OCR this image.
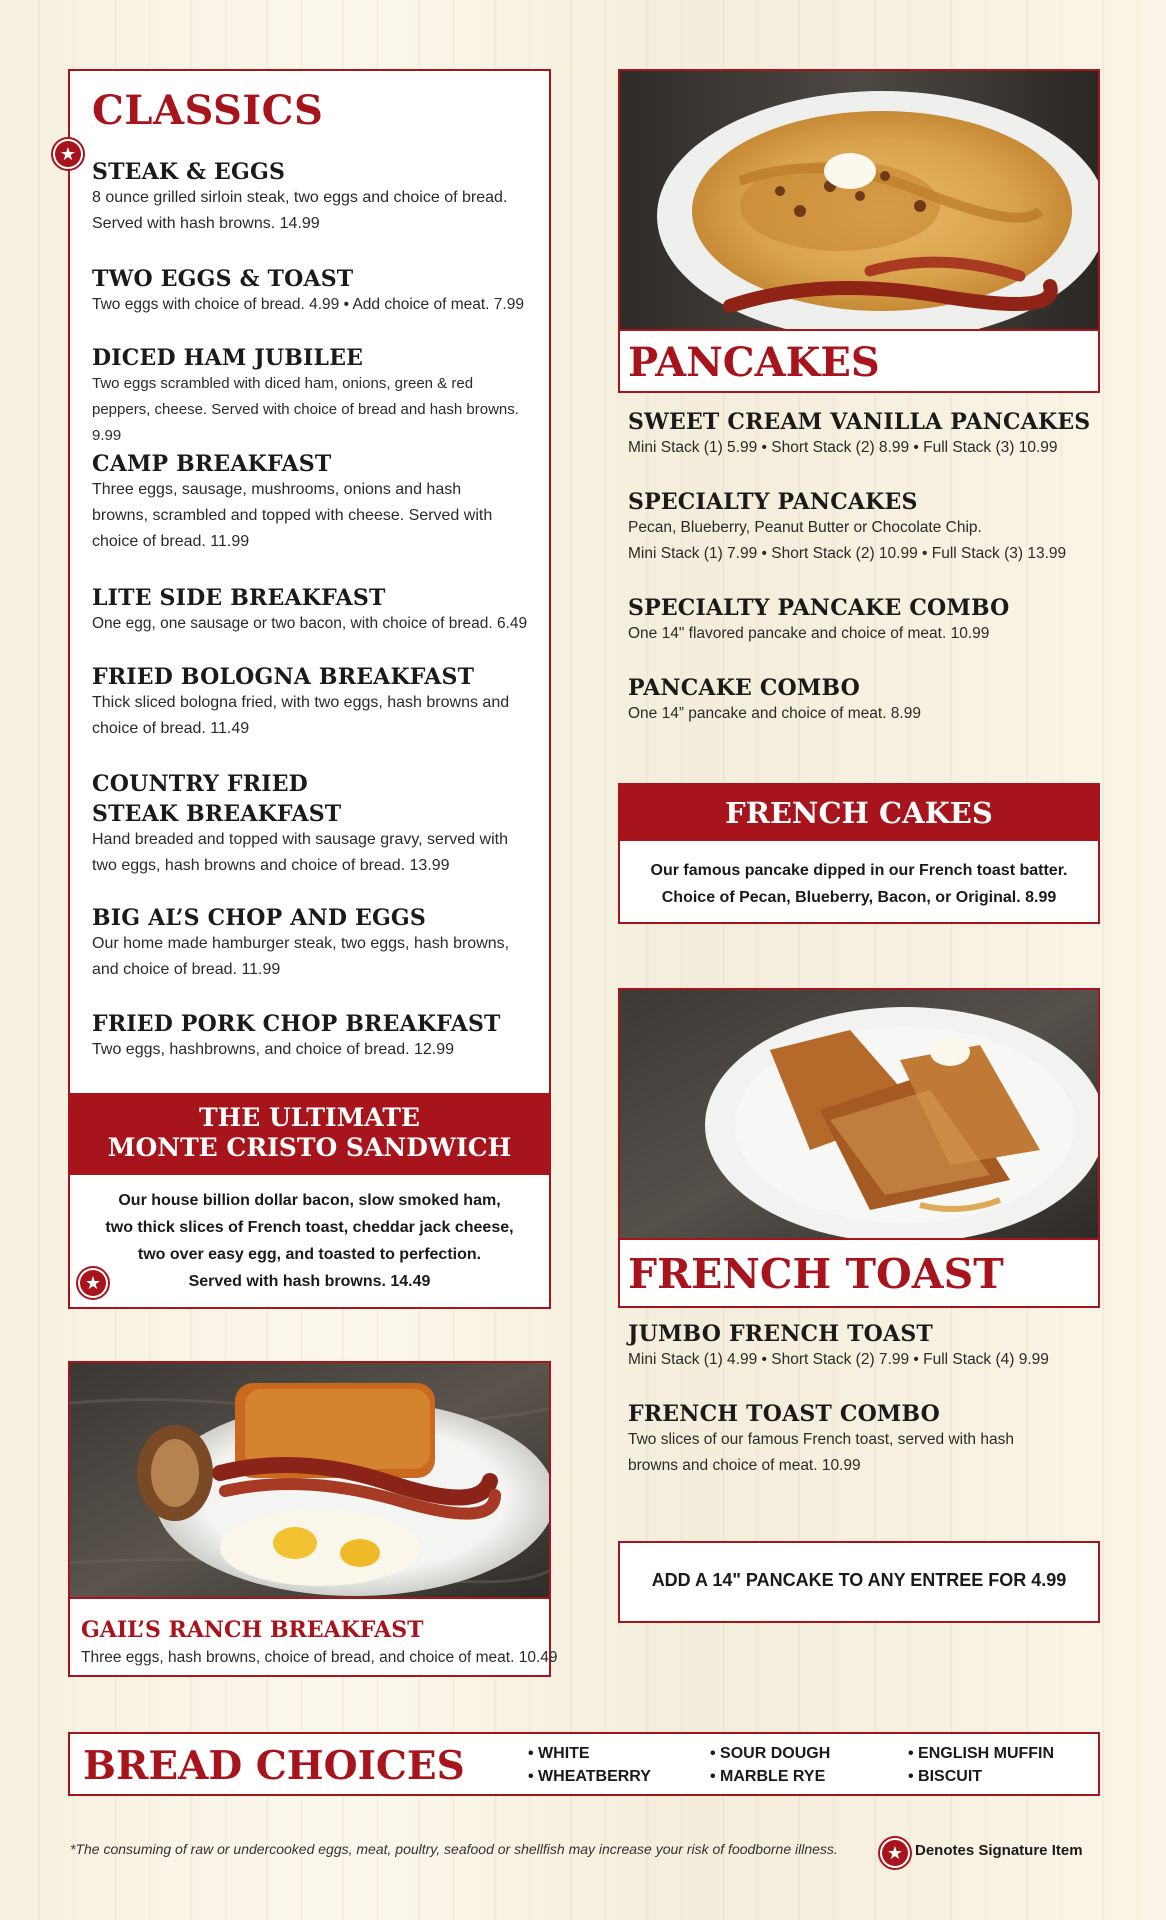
CLASSICS
STEAK & EGGS
8 ounce grilled sirloin steak, two eggs and choice of bread. Served with hash browns. 14.99
TWO EGGS & TOAST
Two eggs with choice of bread. 4.99 • Add choice of meat. 7.99
DICED HAM JUBILEE
Two eggs scrambled with diced ham, onions, green & red peppers, cheese. Served with choice of bread and hash browns. 9.99
CAMP BREAKFAST
Three eggs, sausage, mushrooms, onions and hash browns, scrambled and topped with cheese. Served with choice of bread. 11.99
LITE SIDE BREAKFAST
One egg, one sausage or two bacon, with choice of bread. 6.49
FRIED BOLOGNA BREAKFAST
Thick sliced bologna fried, with two eggs, hash browns and choice of bread. 11.49
COUNTRY FRIED
STEAK BREAKFAST
Hand breaded and topped with sausage gravy, served with two eggs, hash browns and choice of bread. 13.99
BIG AL’S CHOP AND EGGS
Our home made hamburger steak, two eggs, hash browns, and choice of bread. 11.99
FRIED PORK CHOP BREAKFAST
Two eggs, hashbrowns, and choice of bread. 12.99
THE ULTIMATE
MONTE CRISTO SANDWICH
Our house billion dollar bacon, slow smoked ham,
two thick slices of French toast, cheddar jack cheese,
two over easy egg, and toasted to perfection.
Served with hash browns. 14.49
★
★
GAIL’S RANCH BREAKFAST
Three eggs, hash browns, choice of bread, and choice of meat. 10.49
PANCAKES
SWEET CREAM VANILLA PANCAKES
Mini Stack (1) 5.99 • Short Stack (2) 8.99 • Full Stack (3) 10.99
SPECIALTY PANCAKES
Pecan, Blueberry, Peanut Butter or Chocolate Chip.
Mini Stack (1) 7.99 • Short Stack (2) 10.99 • Full Stack (3) 13.99
SPECIALTY PANCAKE COMBO
One 14" flavored pancake and choice of meat. 10.99
PANCAKE COMBO
One 14” pancake and choice of meat. 8.99
FRENCH CAKES
Our famous pancake dipped in our French toast batter.
Choice of Pecan, Blueberry, Bacon, or Original. 8.99
FRENCH TOAST
JUMBO FRENCH TOAST
Mini Stack (1) 4.99 • Short Stack (2) 7.99 • Full Stack (4) 9.99
FRENCH TOAST COMBO
Two slices of our famous French toast, served with hash browns and choice of meat. 10.99
ADD A 14" PANCAKE TO ANY ENTREE FOR 4.99
BREAD CHOICES	• WHITE
• WHEATBERRY
• SOUR DOUGH
• MARBLE RYE
• ENGLISH MUFFIN
• BISCUIT
*The consuming of raw or undercooked eggs, meat, poultry, seafood or shellfish may increase your risk of foodborne illness.	★ Denotes Signature Item
